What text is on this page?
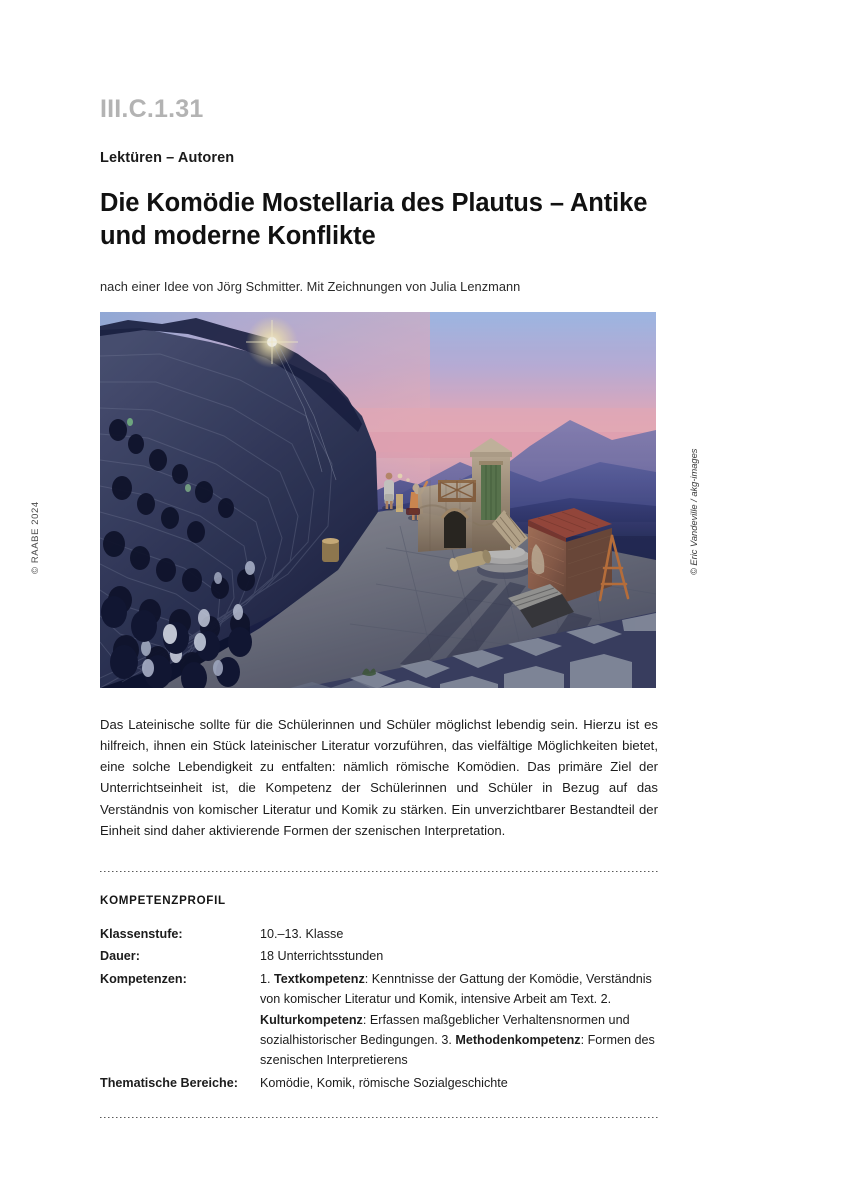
© RAABE 2024
III.C.1.31
Lektüren – Autoren
Die Komödie Mostellaria des Plautus – Antike und moderne Konflikte
nach einer Idee von Jörg Schmitter. Mit Zeichnungen von Julia Lenzmann
© Eric Vandeville / akg-images

Das Lateinische sollte für die Schülerinnen und Schüler möglichst lebendig sein. Hierzu ist es hilfreich, ihnen ein Stück lateinischer Literatur vorzuführen, das vielfältige Möglichkeiten bietet, eine solche Lebendigkeit zu entfalten: nämlich römische Komödien. Das primäre Ziel der Unterrichtseinheit ist, die Kompetenz der Schülerinnen und Schüler in Bezug auf das Verständnis von komischer Literatur und Komik zu stärken. Ein unverzichtbarer Bestandteil der Einheit sind daher aktivierende Formen der szenischen Interpretation.

KOMPETENZPROFIL
Klassenstufe:	10.–13. Klasse
Dauer:	18 Unterrichtsstunden
Kompetenzen:	1. Textkompetenz: Kenntnisse der Gattung der Komödie, Verständnis von komischer Literatur und Komik, intensive Arbeit am Text. 2. Kulturkompetenz: Erfassen maßgeblicher Verhaltensnormen und sozialhistorischer Bedingungen. 3. Methodenkompetenz: Formen des szenischen Interpretierens
Thematische Bereiche:	Komödie, Komik, römische Sozialgeschichte
